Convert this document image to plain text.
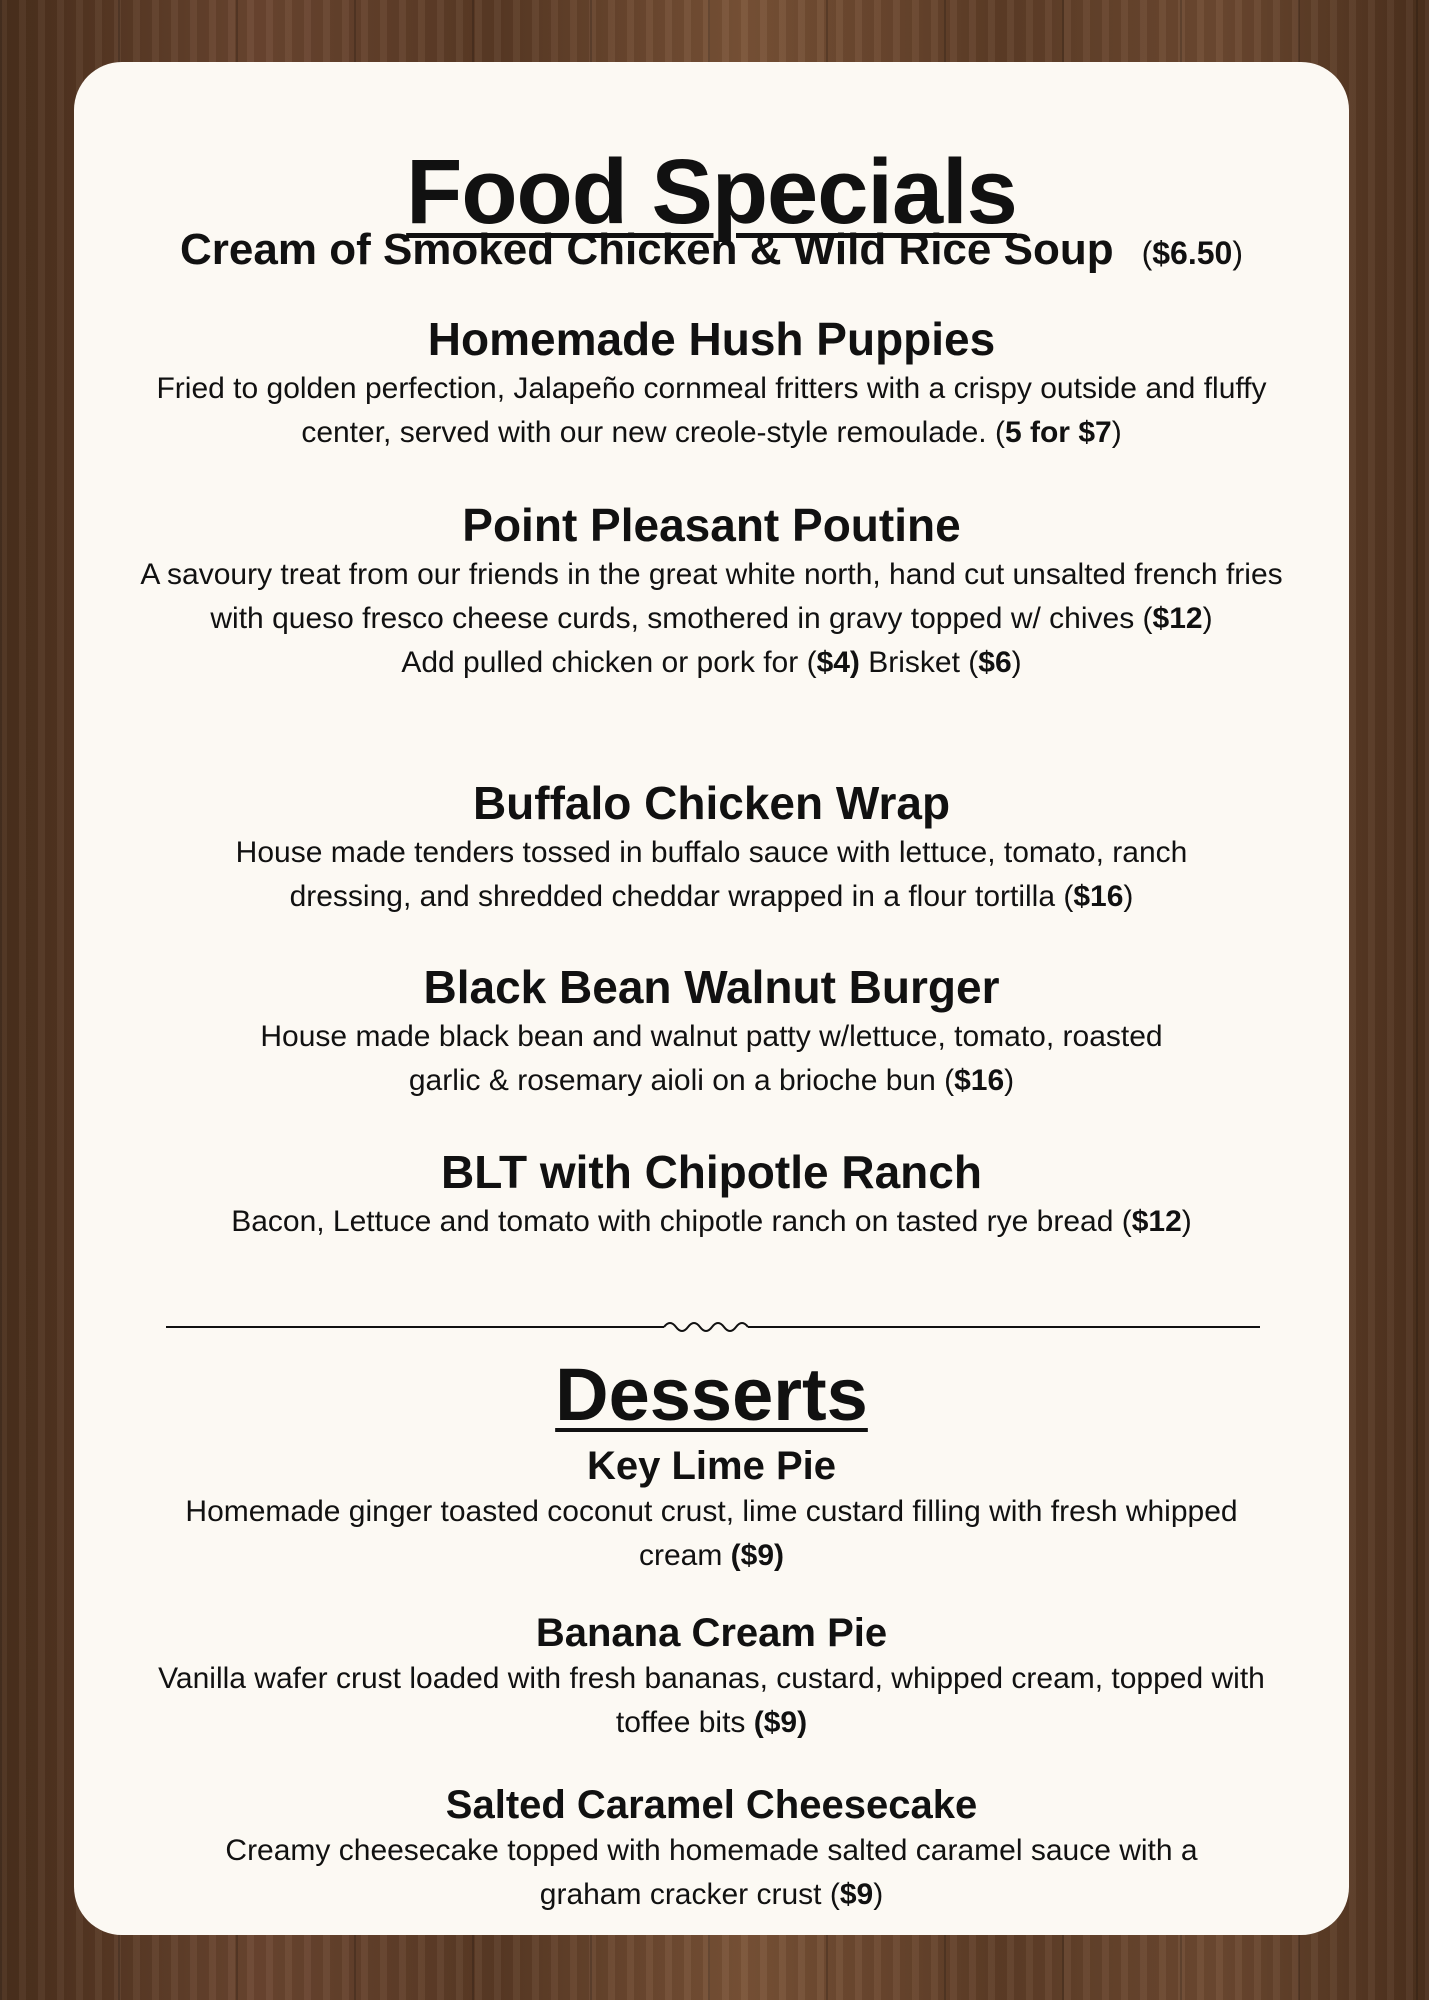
Food Specials
Cream of Smoked Chicken & Wild Rice Soup ($6.50)
Homemade Hush Puppies

Fried to golden perfection, Jalapeño cornmeal fritters with a crispy outside and fluffy center, served with our new creole-style remoulade. (5 for $7)

Point Pleasant Poutine

A savoury treat from our friends in the great white north, hand cut unsalted french fries with queso fresco cheese curds, smothered in gravy topped w/ chives ($12)

Add pulled chicken or pork for ($4) Brisket ($6)

Buffalo Chicken Wrap

House made tenders tossed in buffalo sauce with lettuce, tomato, ranch dressing, and shredded cheddar wrapped in a flour tortilla ($16)

Black Bean Walnut Burger

House made black bean and walnut patty w/lettuce, tomato, roasted garlic & rosemary aioli on a brioche bun ($16)

BLT with Chipotle Ranch

Bacon, Lettuce and tomato with chipotle ranch on tasted rye bread ($12)

Desserts
Key Lime Pie

Homemade ginger toasted coconut crust, lime custard filling with fresh whipped cream ($9)

Banana Cream Pie

Vanilla wafer crust loaded with fresh bananas, custard, whipped cream, topped with toffee bits ($9)

Salted Caramel Cheesecake

Creamy cheesecake topped with homemade salted caramel sauce with a graham cracker crust ($9)
